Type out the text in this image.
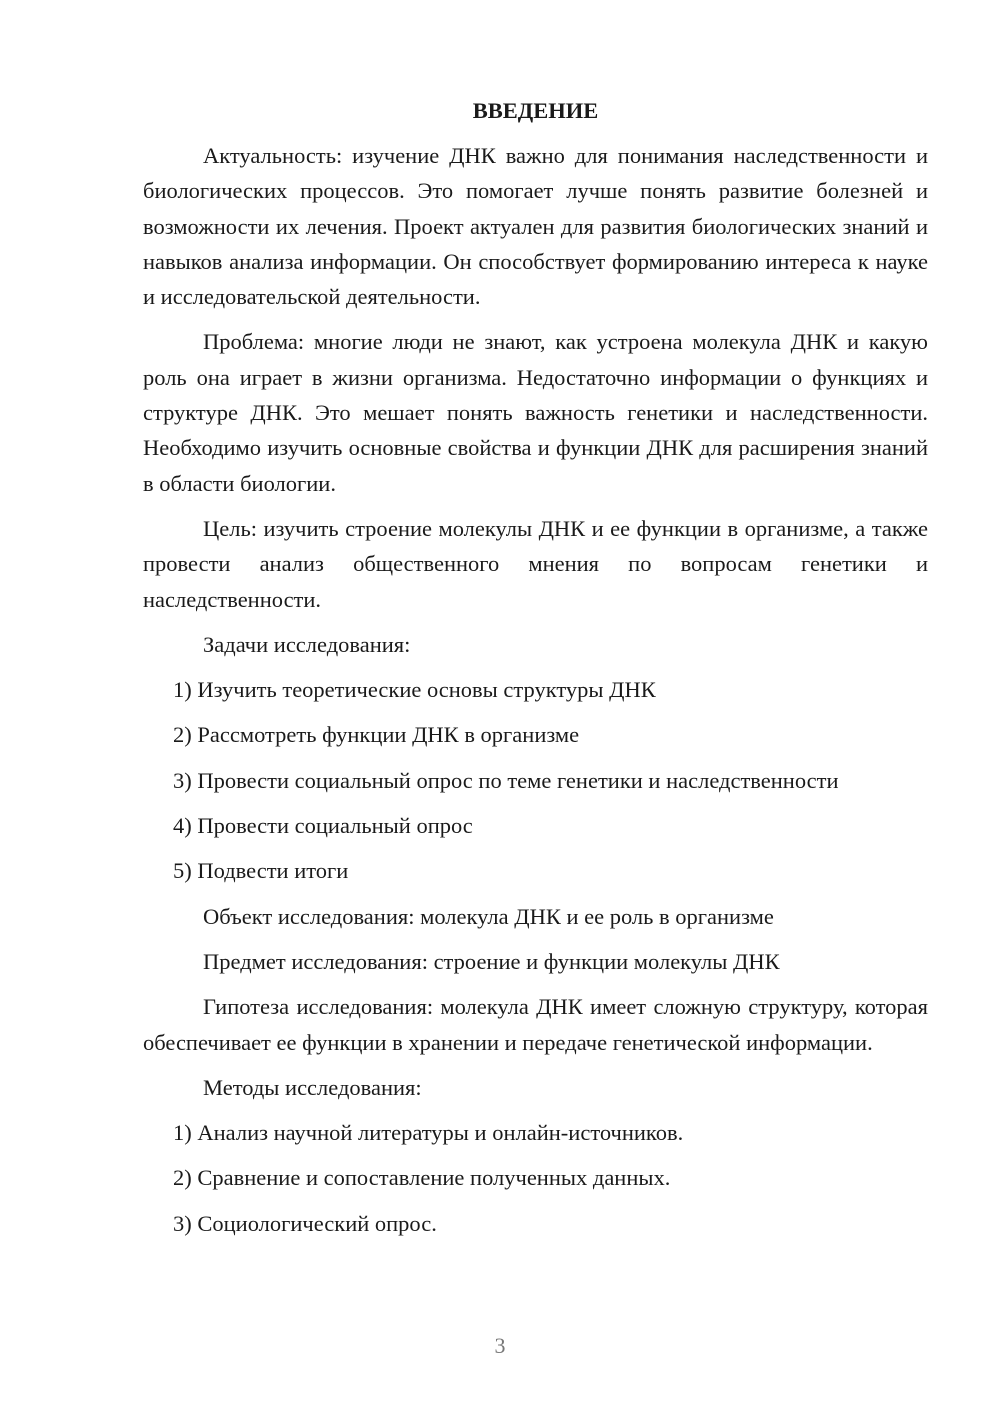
ВВЕДЕНИЕ

Актуальность: изучение ДНК важно для понимания наследственности и биологических процессов. Это помогает лучше понять развитие болезней и возможности их лечения. Проект актуален для развития биологических знаний и навыков анализа информации. Он способствует формированию интереса к науке и исследовательской деятельности.

Проблема: многие люди не знают, как устроена молекула ДНК и какую роль она играет в жизни организма. Недостаточно информации о функциях и структуре ДНК. Это мешает понять важность генетики и наследственности. Необходимо изучить основные свойства и функции ДНК для расширения знаний в области биологии.

Цель: изучить строение молекулы ДНК и ее функции в организме, а также провести анализ общественного мнения по вопросам генетики и наследственности.

Задачи исследования:
1) Изучить теоретические основы структуры ДНК
2) Рассмотреть функции ДНК в организме
3) Провести социальный опрос по теме генетики и наследственности
4) Провести социальный опрос
5) Подвести итоги
Объект исследования: молекула ДНК и ее роль в организме
Предмет исследования: строение и функции молекулы ДНК

Гипотеза исследования: молекула ДНК имеет сложную структуру, которая обеспечивает ее функции в хранении и передаче генетической информации.

Методы исследования:
1) Анализ научной литературы и онлайн-источников.
2) Сравнение и сопоставление полученных данных.
3) Социологический опрос.
3
